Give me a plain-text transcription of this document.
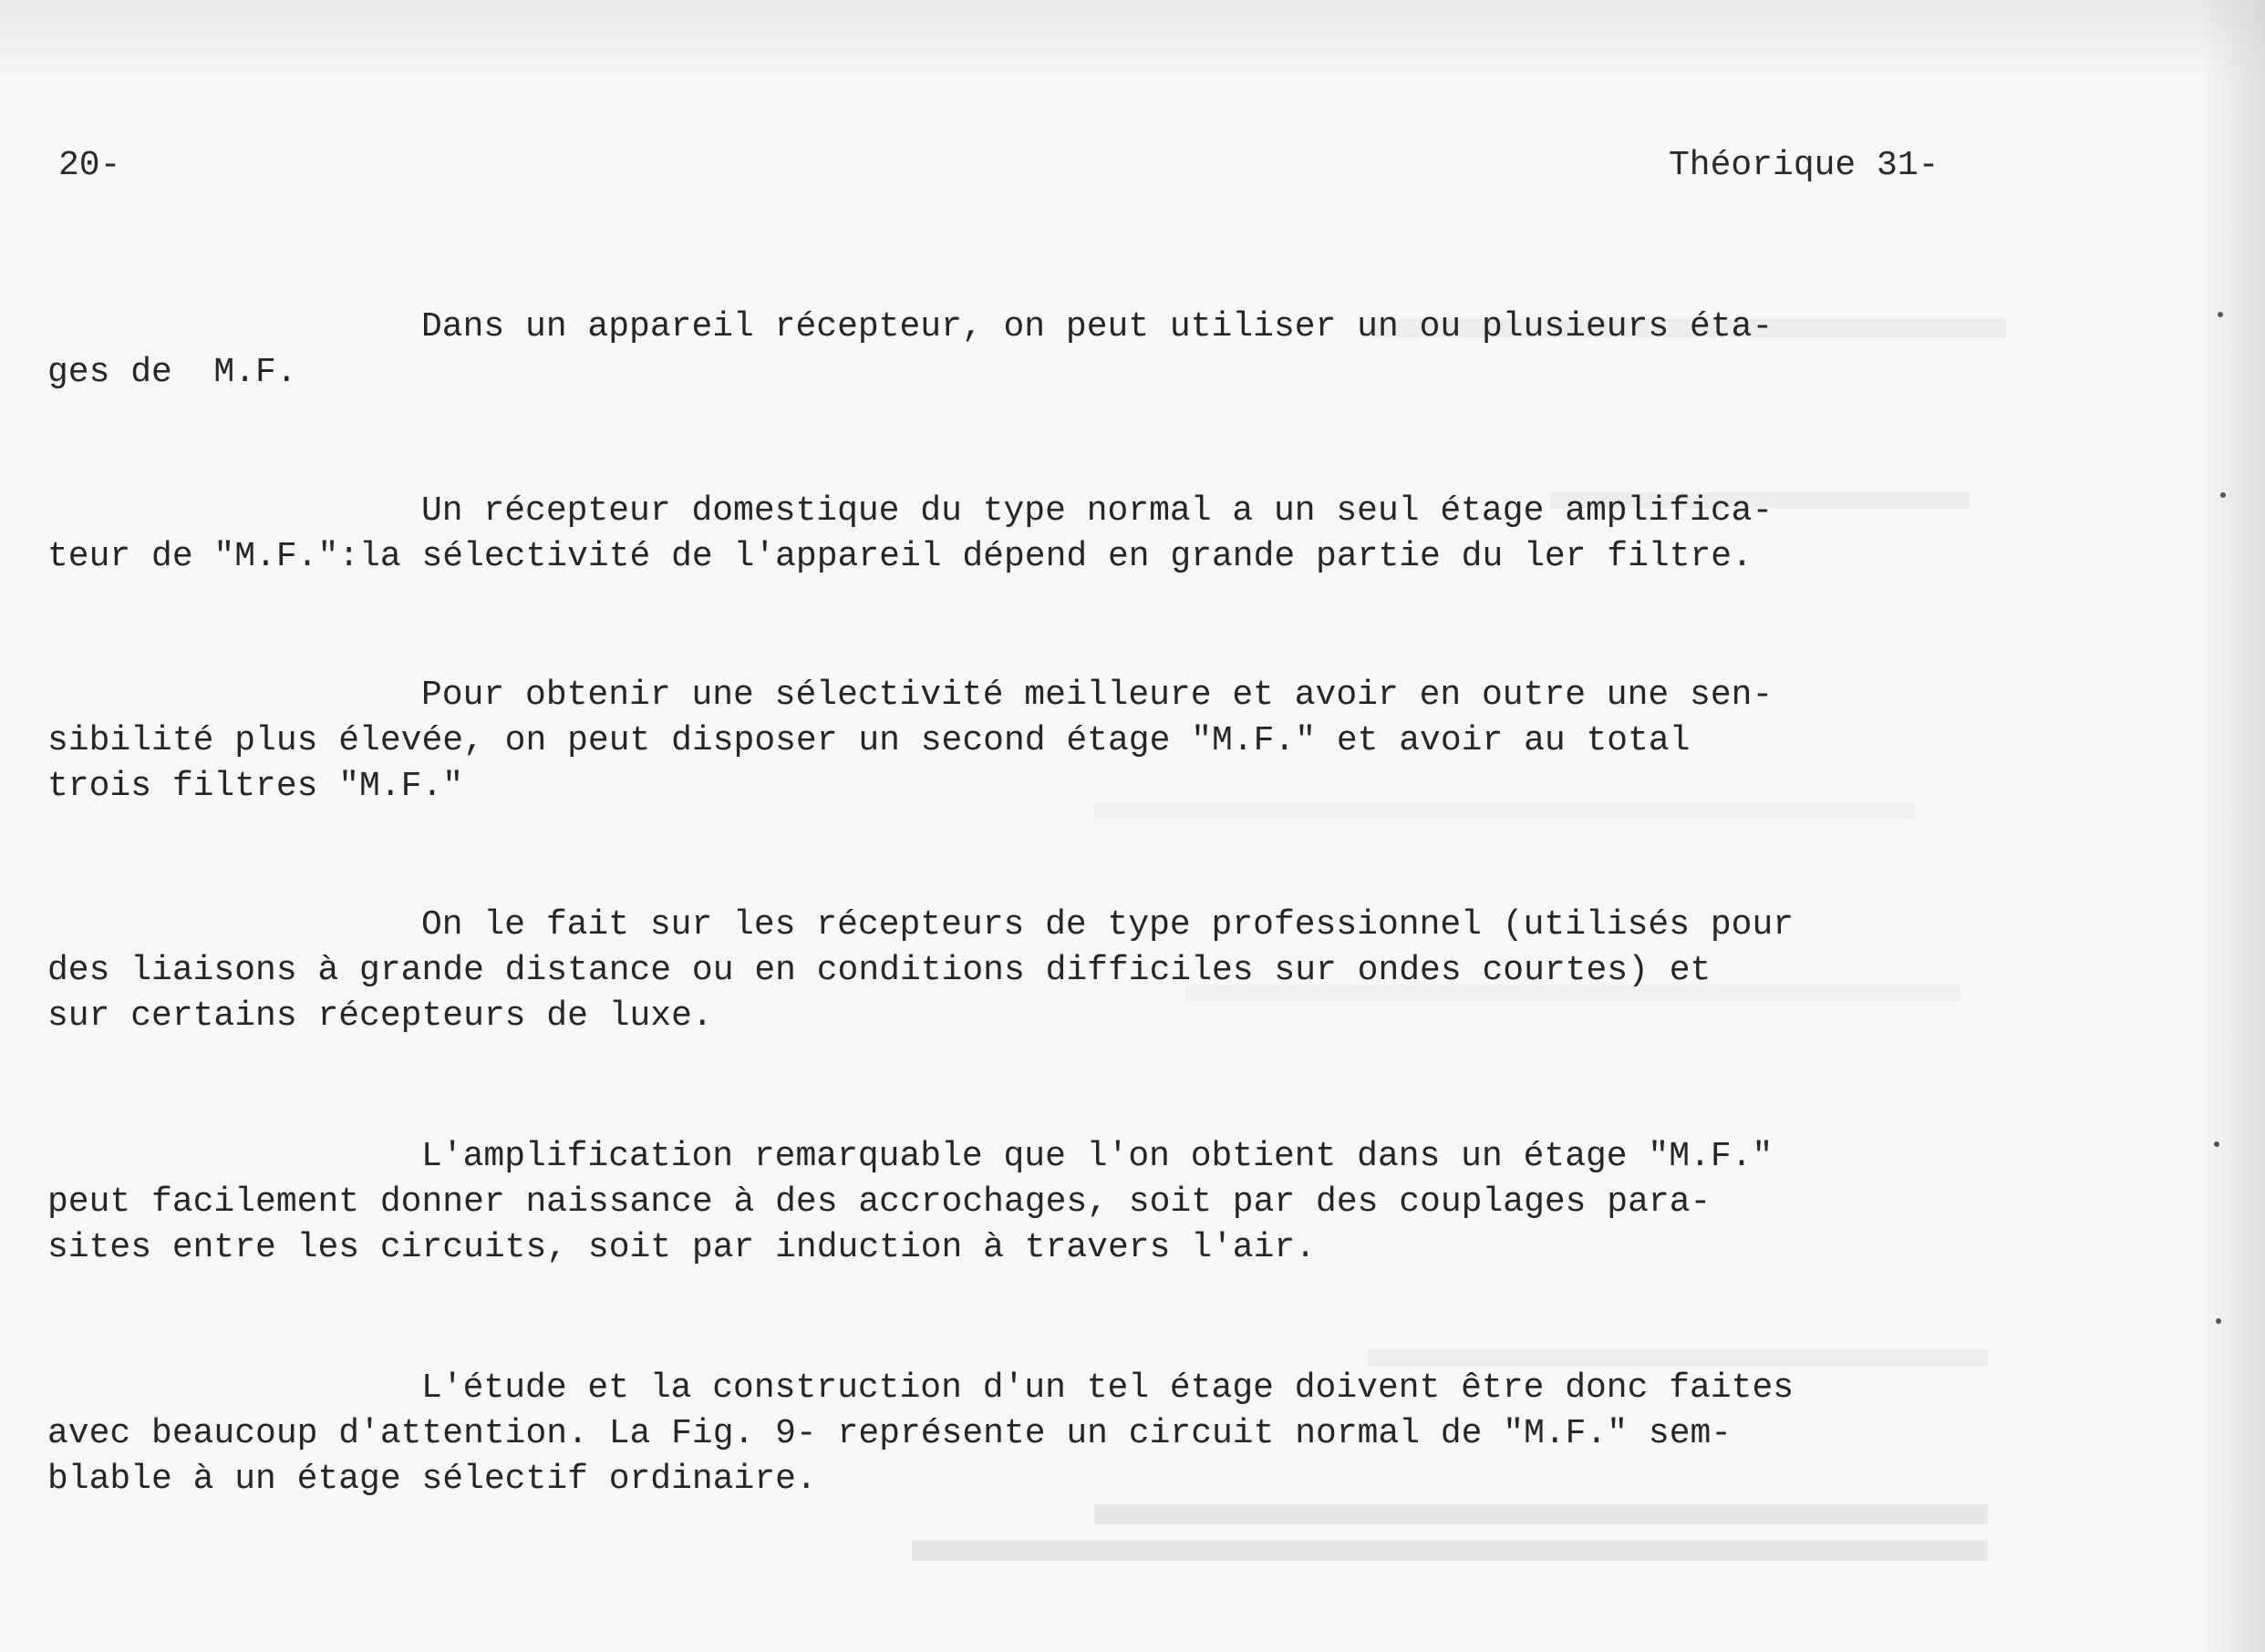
20-	Théorique 31-

Dans un appareil récepteur, on peut utiliser un ou plusieurs éta-
ges de  M.F.

Un récepteur domestique du type normal a un seul étage amplifica-
teur de "M.F.":la sélectivité de l'appareil dépend en grande partie du ler filtre.

Pour obtenir une sélectivité meilleure et avoir en outre une sen-
sibilité plus élevée, on peut disposer un second étage "M.F." et avoir au total
trois filtres "M.F."

On le fait sur les récepteurs de type professionnel (utilisés pour
des liaisons à grande distance ou en conditions difficiles sur ondes courtes) et
sur certains récepteurs de luxe.

L'amplification remarquable que l'on obtient dans un étage "M.F."
peut facilement donner naissance à des accrochages, soit par des couplages para-
sites entre les circuits, soit par induction à travers l'air.

L'étude et la construction d'un tel étage doivent être donc faites
avec beaucoup d'attention. La Fig. 9- représente un circuit normal de "M.F." sem-
blable à un étage sélectif ordinaire.
